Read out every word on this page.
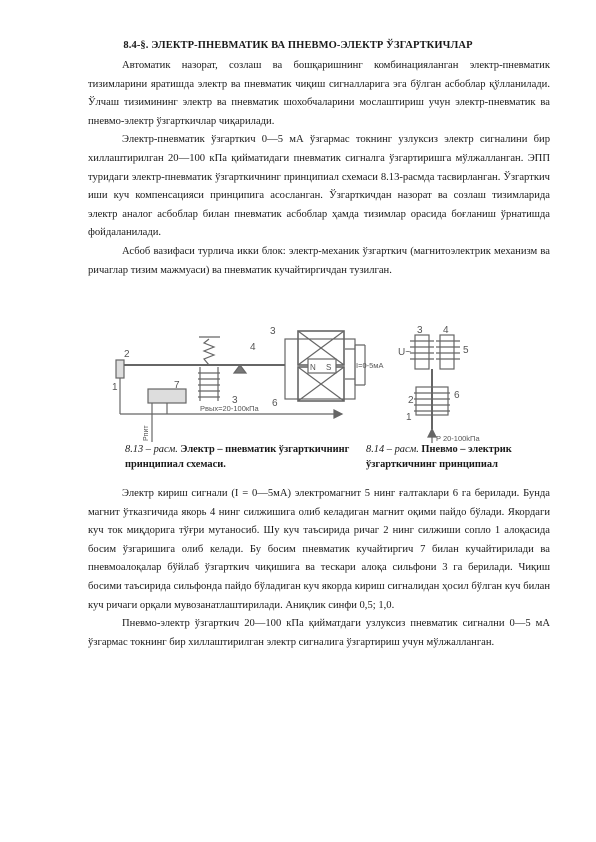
8.4-§. ЭЛЕКТР-ПНЕВМАТИК ВА ПНЕВМО-ЭЛЕКТР ЎЗГАРТКИЧЛАР

Автоматик назорат, созлаш ва бошқаришнинг комбинацияланган электр-пневматик тизимларини яратишда электр ва пневматик чиқиш сигналларига эга бўлган асбоблар қўлланилади. Ўлчаш тизимининг электр ва пневматик шохобчаларини мослаштириш учун электр-пневматик ва пневмо-электр ўзгарткичлар чиқарилади.

Электр-пневматик ўзгарткич 0—5 мА ўзгармас токнинг узлуксиз электр сигналини бир хиллаштирилган 20—100 кПа қийматидаги пневматик сигналга ўзгартиришга мўлжалланган. ЭПП туридаги электр-пневматик ўзгарткичнинг принципиал схемаси 8.13-расмда тасвирланган. Ўзгарткич иши куч компенсацияси принципига асосланган. Ўзгарткичдан назорат ва созлаш тизимларида электр аналог асбоблар билан пневматик асбоблар ҳамда тизимлар орасида боғланиш ўрнатишда фойдаланилади.

Асбоб вазифаси турлича икки блок: электр-механик ўзгарткич (магнитоэлектрик механизм ва ричаглар тизим мажмуаси) ва пневматик кучайтиргичдан тузилган.

1
2
3
3
4
6
7
N S	I=0-5мА
Pвых=20-100кПа
Pпит
6
1
2
3 4
5
U~
P 20-100kПа
8.13 – расм. Электр – пневматик ўзгарткичнинг принципиал схемаси.
8.14 – расм. Пневмо – электрик ўзгарткичнинг принципиал

Электр кириш сигнали (I = 0—5мА) электромагнит 5 нинг ғалтаклари 6 га берилади. Бунда магнит ўтказгичида якорь 4 нинг силжишига олиб келадиган магнит оқими пайдо бўлади. Якордаги куч ток миқдорига тўғри мутаносиб. Шу куч таъсирида ричаг 2 нинг силжиши сопло 1 алоқасида босим ўзгаришига олиб келади. Бу босим пневматик кучайтиргич 7 билан кучайтирилади ва пневмоалоқалар бўйлаб ўзгарткич чиқишига ва тескари алоқа сильфони 3 га берилади. Чиқиш босими таъсирида сильфонда пайдо бўладиган куч якорда кириш сигналидан ҳосил бўлган куч билан куч ричаги орқали мувозанатлаштирилади. Аниқлик синфи 0,5; 1,0.

Пневмо-электр ўзгарткич 20—100 кПа қийматдаги узлуксиз пневматик сигнални 0—5 мА ўзгармас токнинг бир хиллаштирилган электр сигналига ўзгартириш учун мўлжалланган.
